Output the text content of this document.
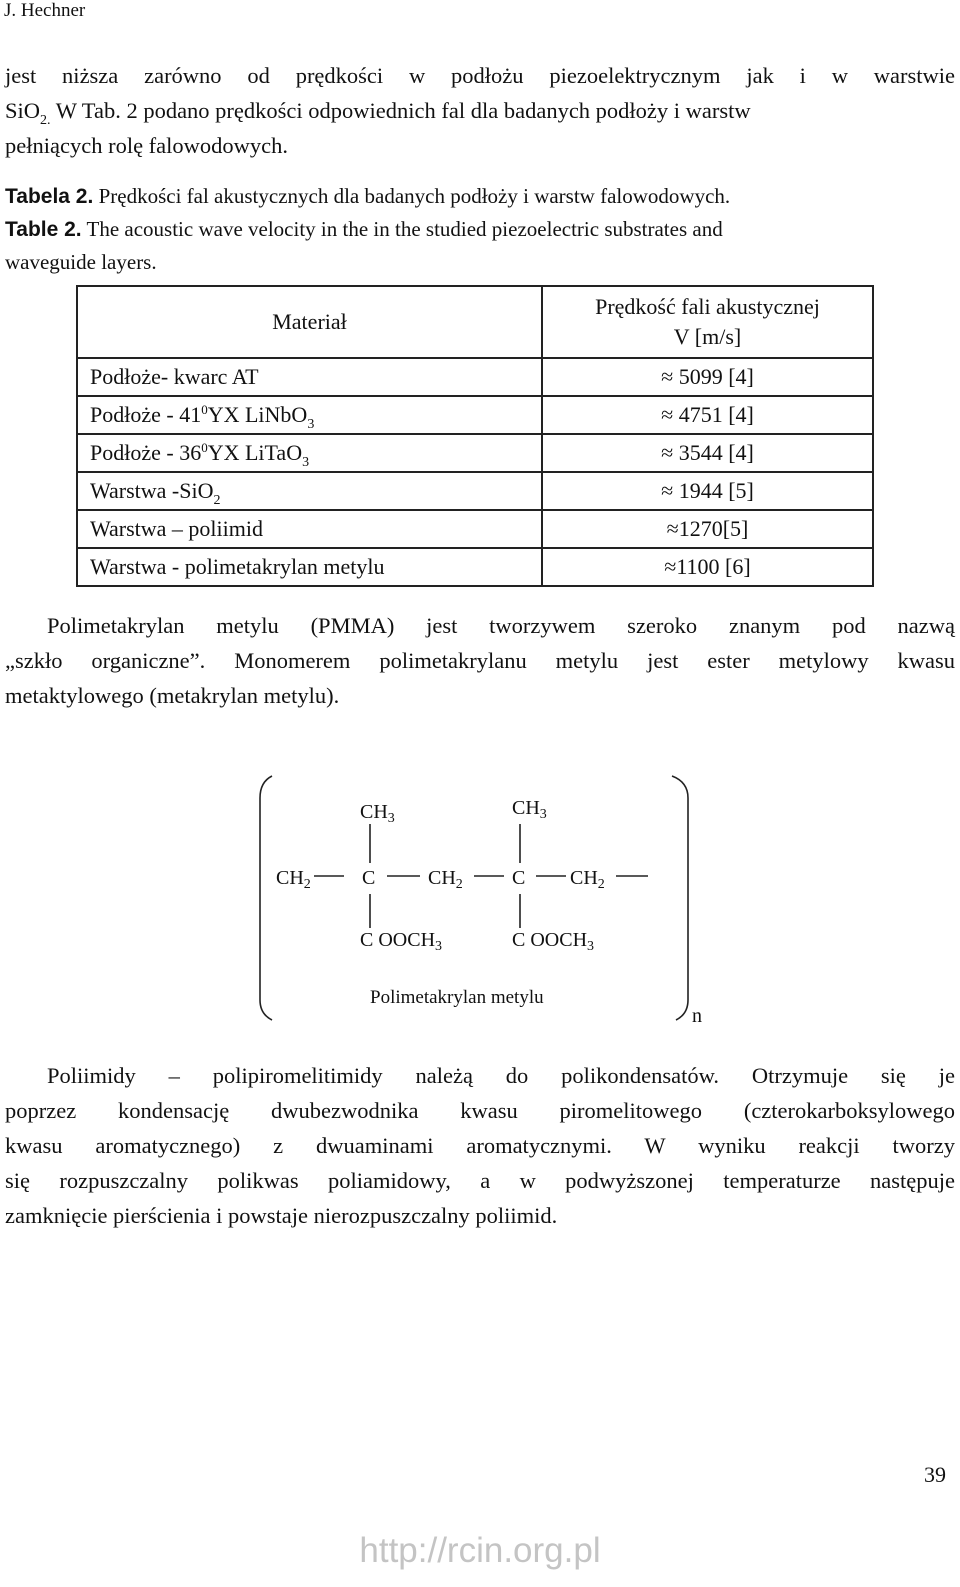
J. Hechner
jest niższa zarówno od prędkości w podłożu piezoelektrycznym jak i w warstwie
SiO$_{2.}$ W Tab. 2 podano prędkości odpowiednich fal dla badanych podłoży i warstw
pełniących rolę falowodowych.
Tabela 2. Prędkości fal akustycznych dla badanych podłoży i warstw falowodowych.
Table 2. The acoustic wave velocity in the in the studied piezoelectric substrates and
waveguide layers.
Materiał	Prędkość fali akustycznej
V [m/s]

Podłoże- kwarc AT	≈ 5099 [4]
Podłoże - $41^0YX$ LiNbO$_3$	≈ 4751 [4]
Podłoże - $36^0YX$ LiTaO$_3$	≈ 3544 [4]
Warstwa -SiO$_2$	≈ 1944 [5]
Warstwa – poliimid	≈1270[5]
Warstwa - polimetakrylan metylu	≈1100 [6]
Polimetakrylan metylu (PMMA) jest tworzywem szeroko znanym pod nazwą
„szkło organiczne”. Monomerem polimetakrylanu metylu jest ester metylowy kwasu
metaktylowego (metakrylan metylu).
$CH_3$	$CH_3$
$CH_2$	C	$CH_2$ C $CH_2$
C $OOCH_3$	C $OOCH_3$
Polimetakrylan metylu
n
Poliimidy – polipiromelitimidy należą do polikondensatów. Otrzymuje się je
poprzez kondensację dwubezwodnika kwasu piromelitowego (czterokarboksylowego
kwasu aromatycznego) z dwuaminami aromatycznymi. W wyniku reakcji tworzy
się rozpuszczalny polikwas poliamidowy, a w podwyższonej temperaturze następuje
zamknięcie pierścienia i powstaje nierozpuszczalny poliimid.
39
http://rcin.org.pl
